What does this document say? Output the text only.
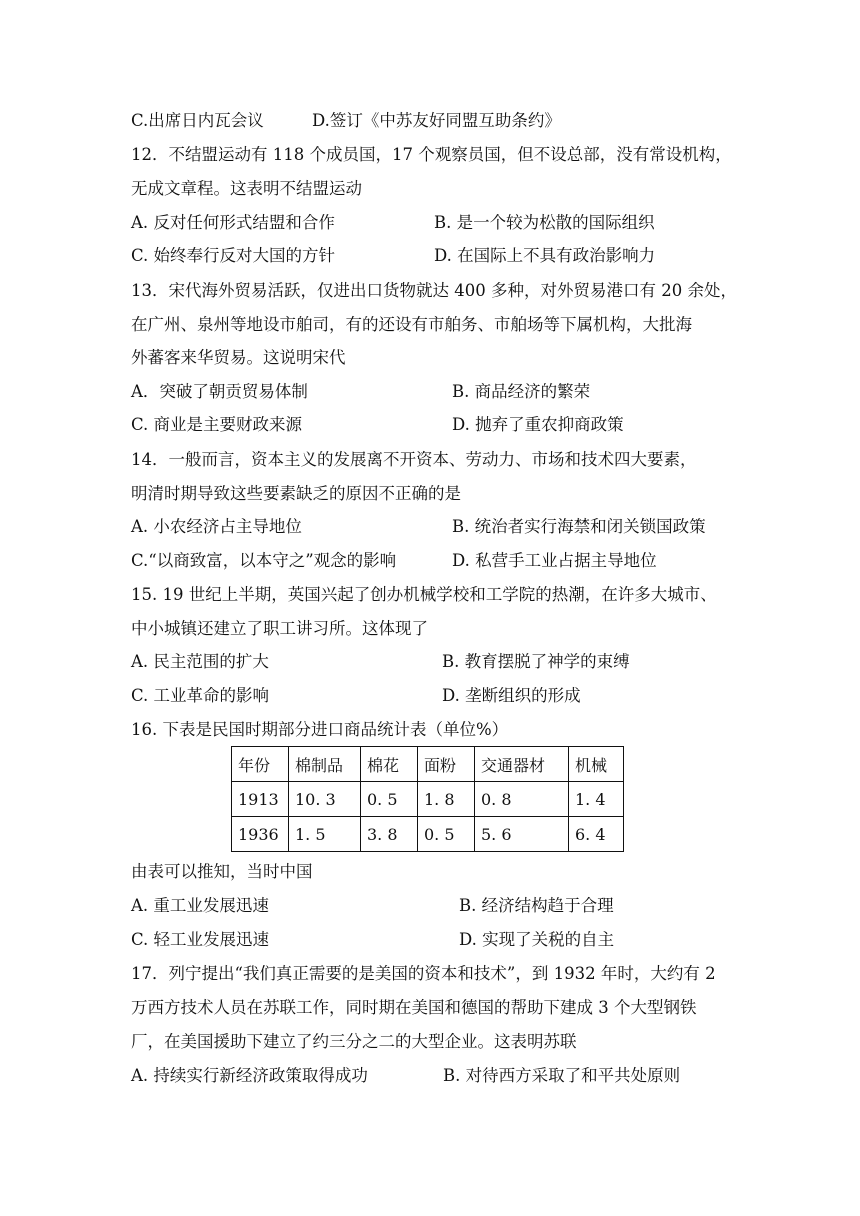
C.出席日内瓦会议	D.签订《中苏友好同盟互助条约》
12．不结盟运动有 118 个成员国，17 个观察员国，但不设总部，没有常设机构，
无成文章程。这表明不结盟运动
A. 反对任何形式结盟和合作	B. 是一个较为松散的国际组织
C. 始终奉行反对大国的方针	D. 在国际上不具有政治影响力
13．宋代海外贸易活跃，仅进出口货物就达 400 多种，对外贸易港口有 20 余处，
在广州、泉州等地设市舶司，有的还设有市舶务、市舶场等下属机构，大批海
外蕃客来华贸易。这说明宋代
A．突破了朝贡贸易体制	B. 商品经济的繁荣
C. 商业是主要财政来源	D. 抛弃了重农抑商政策
14．一般而言，资本主义的发展离不开资本、劳动力、市场和技术四大要素，
明清时期导致这些要素缺乏的原因不正确的是
A. 小农经济占主导地位	B. 统治者实行海禁和闭关锁国政策
C.“以商致富，以本守之”观念的影响	D. 私营手工业占据主导地位
15. 19 世纪上半期，英国兴起了创办机械学校和工学院的热潮，在许多大城市、
中小城镇还建立了职工讲习所。这体现了
A. 民主范围的扩大	B. 教育摆脱了神学的束缚
C. 工业革命的影响	D. 垄断组织的形成
16. 下表是民国时期部分进口商品统计表（单位%）
年份	棉制品	棉花	面粉	交通器材	机械
1913	10. 3	0. 5	1. 8	0. 8	1. 4
1936	1. 5	3. 8	0. 5	5. 6	6. 4
由表可以推知，当时中国
A. 重工业发展迅速	B. 经济结构趋于合理
C. 轻工业发展迅速	D. 实现了关税的自主
17．列宁提出“我们真正需要的是美国的资本和技术”，到 1932 年时，大约有 2
万西方技术人员在苏联工作，同时期在美国和德国的帮助下建成 3 个大型钢铁
厂，在美国援助下建立了约三分之二的大型企业。这表明苏联
A. 持续实行新经济政策取得成功	B. 对待西方采取了和平共处原则
